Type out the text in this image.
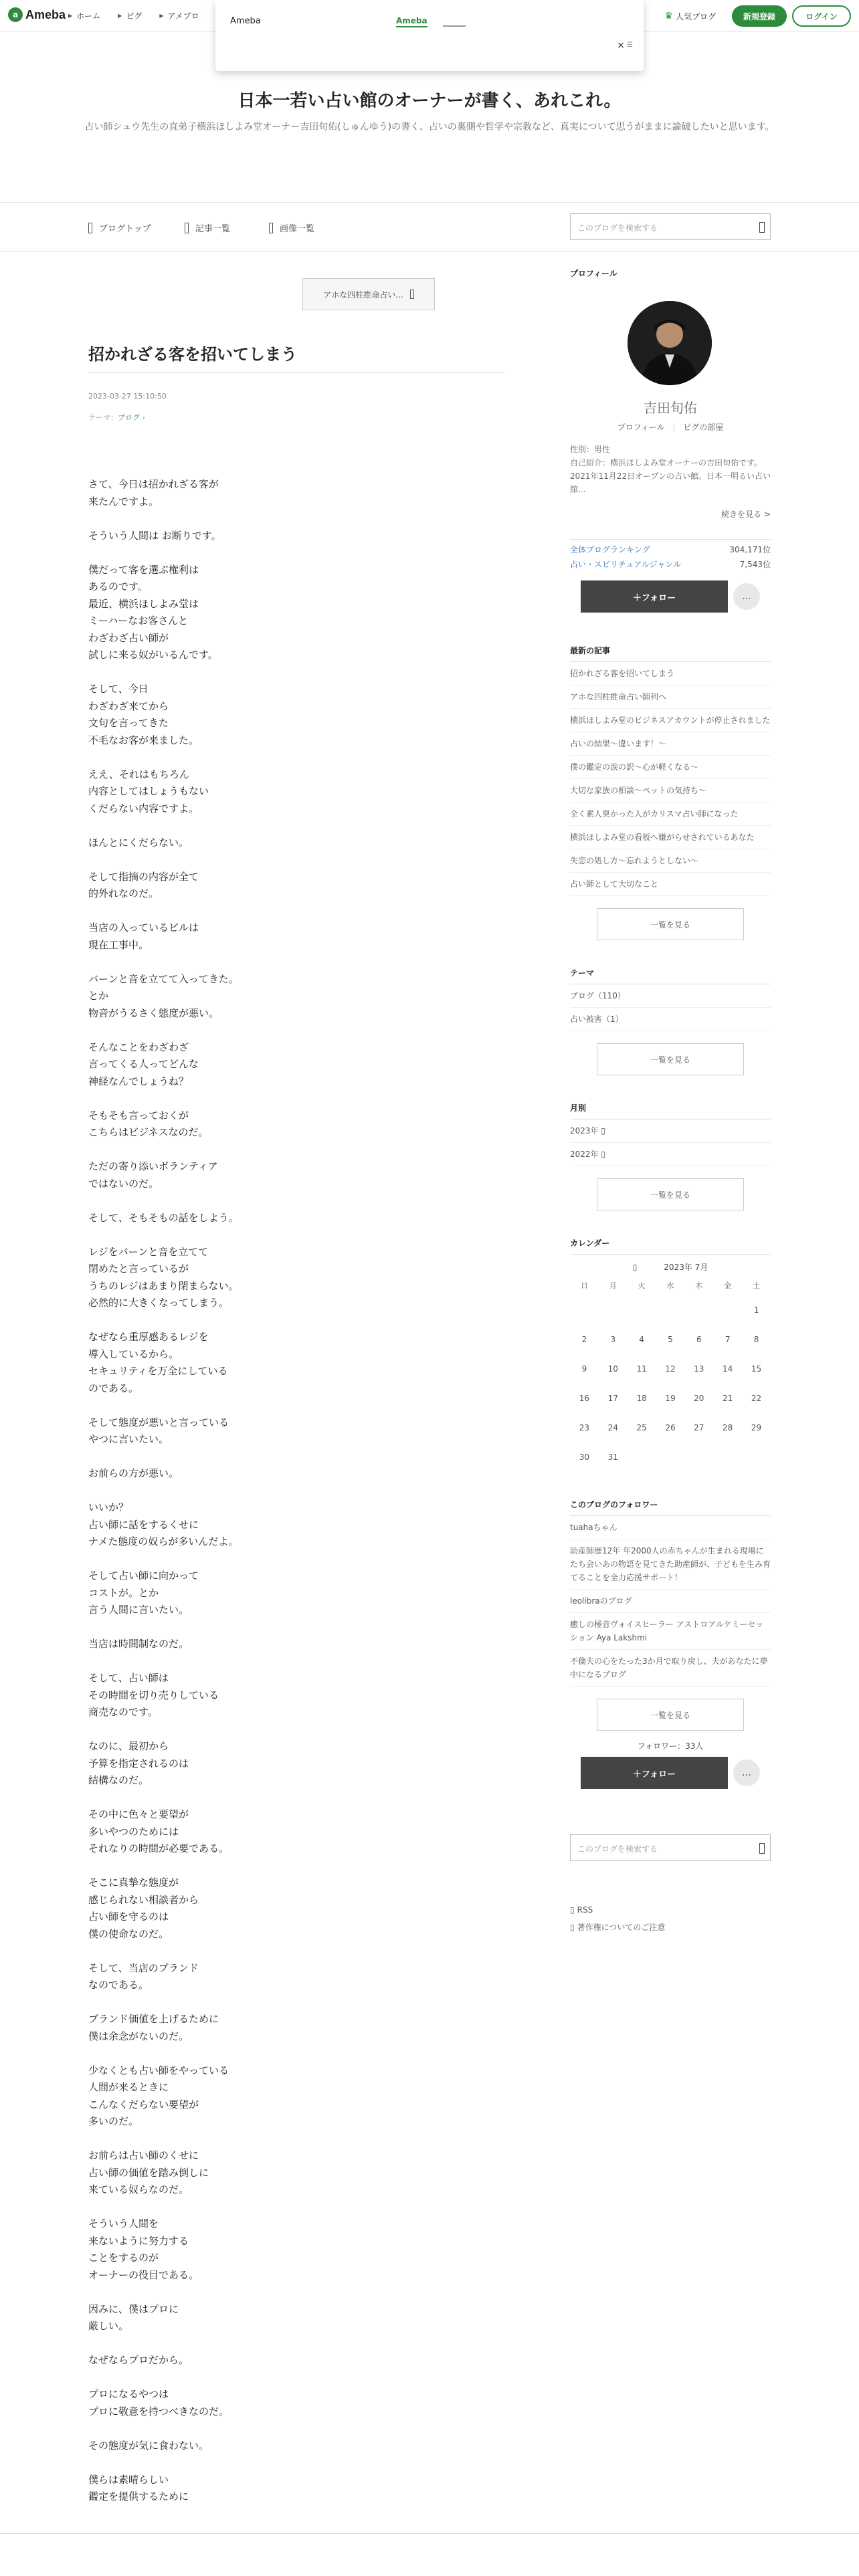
a Ameba ▶ ホーム	▶ ピグ	▶ アメブロ	♛ 人気ブログ	新規登録	ログイン
Ameba	Ameba
× ☰
日本一若い占い館のオーナーが書く、あれこれ。
占い師シュウ先生の直弟子横浜ほしよみ堂オーナー吉田旬佑(しゅんゆう)の書く、占いの裏側や哲学や宗教など、真実について思うがままに論破したいと思います。
ブログトップ	記事一覧	画像一覧	このブログを検索する
アホな四柱推命占い...
招かれざる客を招いてしまう
2023-03-27 15:10:50
テーマ：ブログ ›
さて、今日は招かれざる客が
来たんですよ。
そういう人間は お断りです。
僕だって客を選ぶ権利は
あるのです。
最近、横浜ほしよみ堂は
ミーハーなお客さんと
わざわざ占い師が
試しに来る奴がいるんです。
そして、今日
わざわざ来てから
文句を言ってきた
不毛なお客が来ました。
ええ、それはもちろん
内容としてはしょうもない
くだらない内容ですよ。
ほんとにくだらない。
そして指摘の内容が全て
的外れなのだ。
当店の入っているビルは
現在工事中。
バーンと音を立てて入ってきた。
とか
物音がうるさく態度が悪い。
そんなことをわざわざ
言ってくる人ってどんな
神経なんでしょうね？
そもそも言っておくが
こちらはビジネスなのだ。
ただの寄り添いボランティア
ではないのだ。
そして、そもそもの話をしよう。
レジをバーンと音を立てて
閉めたと言っているが
うちのレジはあまり閉まらない。
必然的に大きくなってしまう。
なぜなら重厚感あるレジを
導入しているから。
セキュリティを万全にしている
のである。
そして態度が悪いと言っている
やつに言いたい。
お前らの方が悪い。
いいか？
占い師に話をするくせに
ナメた態度の奴らが多いんだよ。
そして占い師に向かって
コストが。とか
言う人間に言いたい。
当店は時間制なのだ。
そして、占い師は
その時間を切り売りしている
商売なのです。
なのに、最初から
予算を指定されるのは
結構なのだ。
その中に色々と要望が
多いやつのためには
それなりの時間が必要である。
そこに真摯な態度が
感じられない相談者から
占い師を守るのは
僕の使命なのだ。
そして、当店のブランド
なのである。
ブランド価値を上げるために
僕は余念がないのだ。
少なくとも占い師をやっている
人間が来るときに
こんなくだらない要望が
多いのだ。
お前らは占い師のくせに
占い師の価値を踏み倒しに
来ている奴らなのだ。
そういう人間を
来ないように努力する
ことをするのが
オーナーの役目である。
因みに、僕はプロに
厳しい。
なぜならプロだから。
プロになるやつは
プロに敬意を持つべきなのだ。
その態度が気に食わない。
僕らは素晴らしい
鑑定を提供するために
プロフィール
吉田旬佑
プロフィール | ピグの部屋
性別：男性
自己紹介：横浜ほしよみ堂オーナーの吉田旬佑です。2021年11月22日オープンの占い館。日本一明るい占い館...
続きを見る >
全体ブログランキング	304,171位
占い・スピリチュアルジャンル	7,543位
＋ フォロー	…
最新の記事
招かれざる客を招いてしまう
アホな四柱推命占い師列へ
横浜ほしよみ堂のビジネスアカウントが停止されました
占いの結果〜違います！〜
僕の鑑定の涙の訳〜心が軽くなる〜
大切な家族の相談〜ペットの気持ち〜
全く素人臭かった人がカリスマ占い師になった
横浜ほしよみ堂の看板へ嫌がらせされているあなた
失恋の処し方〜忘れようとしない〜
占い師として大切なこと
一覧を見る
テーマ
ブログ（110）
占い被害（1）
一覧を見る
月別
2023年 ▯
2022年 ▯
一覧を見る
カレンダー
▯	2023年 7月
日	月	火	水	木	金	土
						1
2	3	4	5	6	7	8
9	10	11	12	13	14	15
16	17	18	19	20	21	22
23	24	25	26	27	28	29
30	31					
このブログのフォロワー
tuahaちゃん
助産師歴12年 年2000人の赤ちゃんが生まれる現場にたち会いあの物語を見てきた助産師が、子どもを生み育てることを全力応援サポート！
leolibraのブログ
癒しの極音ヴォイスヒーラー アストロアルケミーセッション Aya Lakshmi
不倫夫の心をたった3か月で取り戻し、夫があなたに夢中になるブログ
一覧を見る
フォロワー：33人
＋ フォロー	…
このブログを検索する
▯ RSS
▯ 著作権についてのご注意
